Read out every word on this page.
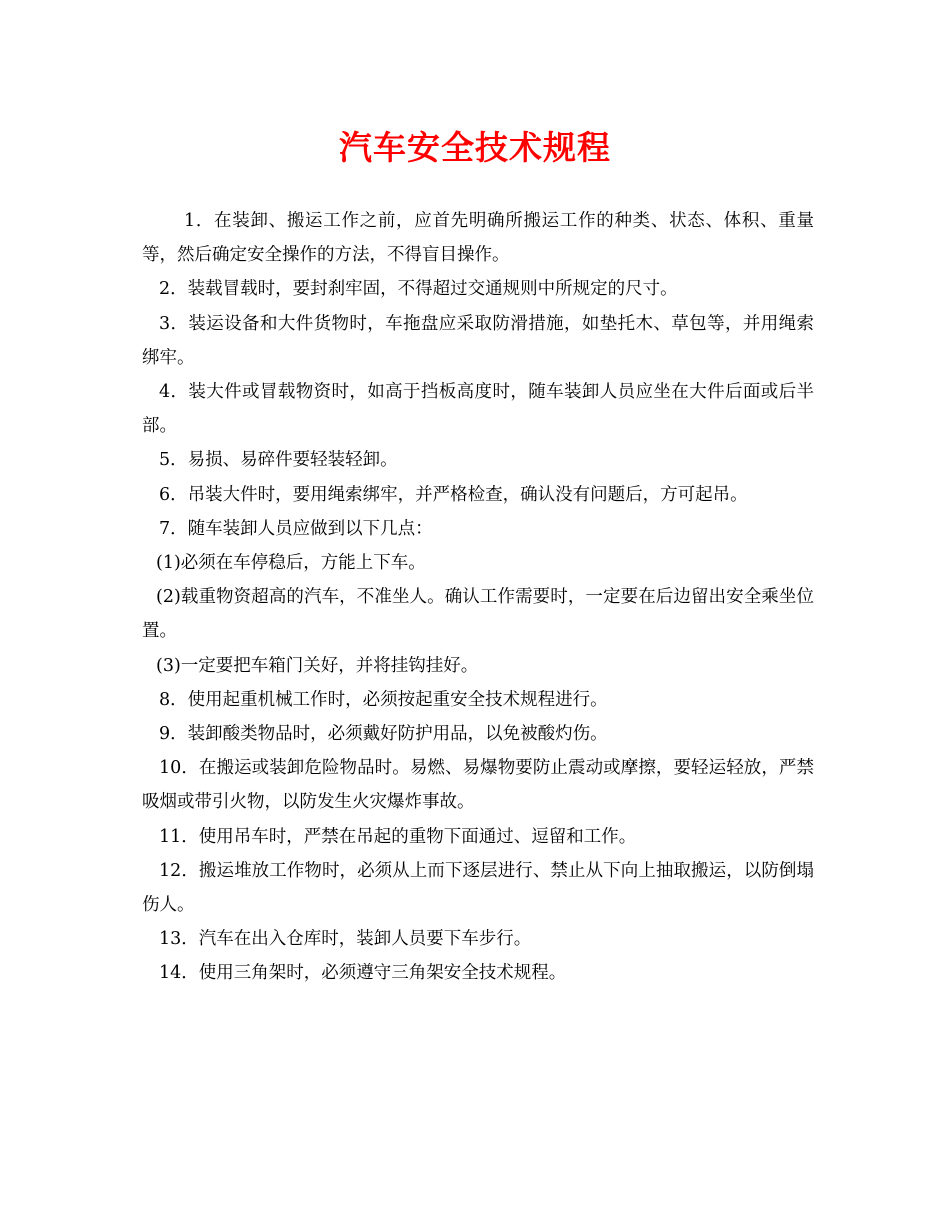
汽车安全技术规程

1．在装卸、搬运工作之前，应首先明确所搬运工作的种类、状态、体积、重量等，然后确定安全操作的方法，不得盲目操作。

2．装载冒载时，要封刹牢固，不得超过交通规则中所规定的尺寸。

3．装运设备和大件货物时，车拖盘应采取防滑措施，如垫托木、草包等，并用绳索绑牢。

4．装大件或冒载物资时，如高于挡板高度时，随车装卸人员应坐在大件后面或后半部。

5．易损、易碎件要轻装轻卸。

6．吊装大件时，要用绳索绑牢，并严格检查，确认没有问题后，方可起吊。

7．随车装卸人员应做到以下几点：

(1)必须在车停稳后，方能上下车。

(2)载重物资超高的汽车，不准坐人。确认工作需要时，一定要在后边留出安全乘坐位置。

(3)一定要把车箱门关好，并将挂钩挂好。

8．使用起重机械工作时，必须按起重安全技术规程进行。

9．装卸酸类物品时，必须戴好防护用品，以免被酸灼伤。

10．在搬运或装卸危险物品时。易燃、易爆物要防止震动或摩擦，要轻运轻放，严禁吸烟或带引火物，以防发生火灾爆炸事故。

11．使用吊车时，严禁在吊起的重物下面通过、逗留和工作。

12．搬运堆放工作物时，必须从上而下逐层进行、禁止从下向上抽取搬运，以防倒塌伤人。

13．汽车在出入仓库时，装卸人员要下车步行。

14．使用三角架时，必须遵守三角架安全技术规程。
